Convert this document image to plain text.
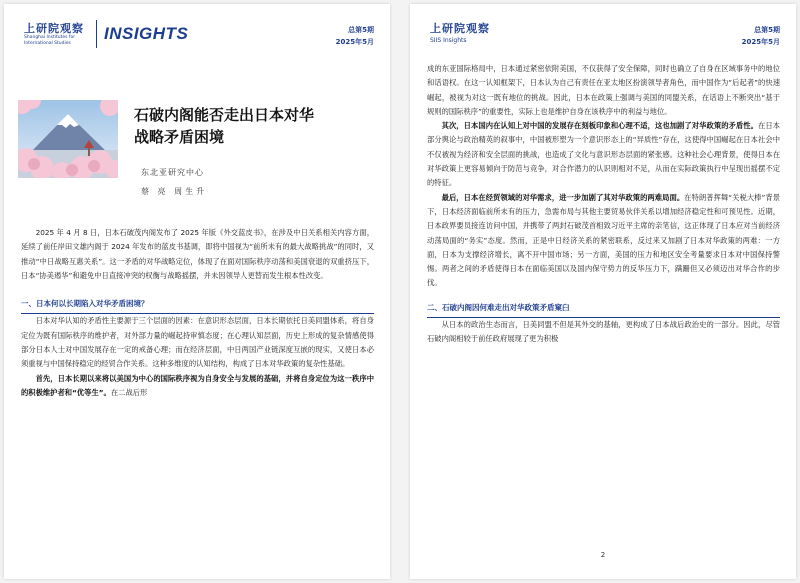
上研院观察
Shanghai Institutes for International Studies
INSIGHTS	总第5期
2025年5月
石破内阁能否走出日本对华
战略矛盾困境
东北亚研究中心
蔡 亮 周生升

2025 年 4 月 8 日，日本石破茂内阁发布了 2025 年版《外交蓝皮书》，在涉及中日关系相关内容方面，延续了前任岸田文雄内阁于 2024 年发布的蓝皮书基调，即将中国视为“前所未有的最大战略挑战”的同时，又推动“中日战略互惠关系”。这一矛盾的对华战略定位，体现了在面对国际秩序动荡和美国衰退的双重挤压下，日本“协美遏华”和避免中日直接冲突的权衡与战略摇摆，并未因领导人更替而发生根本性改变。

一、日本何以长期陷入对华矛盾困境？

日本对华认知的矛盾性主要源于三个层面的因素：在意识形态层面，日本长期依托日美同盟体系，将自身定位为既有国际秩序的维护者，对外部力量的崛起持审慎态度；在心理认知层面，历史上形成的复杂情感使得部分日本人士对中国发展存在一定的戒备心理；而在经济层面，中日两国产业链深度互嵌的现实，又使日本必须重视与中国保持稳定的经贸合作关系。这种多维度的认知结构，构成了日本对华政策的复杂性基础。

首先，日本长期以来将以美国为中心的国际秩序视为自身安全与发展的基础，并将自身定位为这一秩序中的积极维护者和“优等生”。在二战后形

上研院观察
SIIS Insights
总第5期
2025年5月

成的东亚国际格局中，日本通过紧密依附美国，不仅获得了安全保障，同时也确立了自身在区域事务中的地位和话语权。在这一认知框架下，日本认为自己有责任在亚太地区扮演领导者角色，而中国作为“后起者”的快速崛起，被视为对这一既有地位的挑战。因此，日本在政策上强调与美国的同盟关系，在话语上不断突出“基于规则的国际秩序”的重要性，实际上也是维护自身在该秩序中的利益与地位。

其次，日本国内在认知上对中国的发展存在刻板印象和心理不适，这也加剧了对华政策的矛盾性。在日本部分舆论与政治精英的叙事中，中国被形塑为一个意识形态上的“异质性”存在，这使得中国崛起在日本社会中不仅被视为经济和安全层面的挑战，也造成了文化与意识形态层面的紧张感。这种社会心理背景，使得日本在对华政策上更容易倾向于防范与竞争，对合作潜力的认识则相对不足，从而在实际政策执行中呈现出摇摆不定的特征。

最后，日本在经贸领域的对华需求，进一步加剧了其对华政策的两难局面。在特朗普挥舞“关税大棒”背景下，日本经济面临前所未有的压力，急需布局与其他主要贸易伙伴关系以增加经济稳定性和可预见性。近期，日本政界要员接连访问中国，并携带了两封石破茂首相致习近平主席的亲笔信，这正体现了日本应对当前经济动荡局面的“务实”态度。然而，正是中日经济关系的紧密联系，反过来又加剧了日本对华政策的两难：一方面，日本为支撑经济增长，离不开中国市场；另一方面，美国的压力和地区安全考量要求日本对中国保持警惕。两者之间的矛盾使得日本在面临美国以及国内保守势力的反华压力下，蹒跚但又必须迈出对华合作的步伐。

二、石破内阁因何难走出对华政策矛盾窠臼

从日本的政治生态而言，日美同盟不但是其外交的基轴，更构成了日本战后政治史的一部分。因此，尽管石破内阁相较于前任政府展现了更为积极

2
